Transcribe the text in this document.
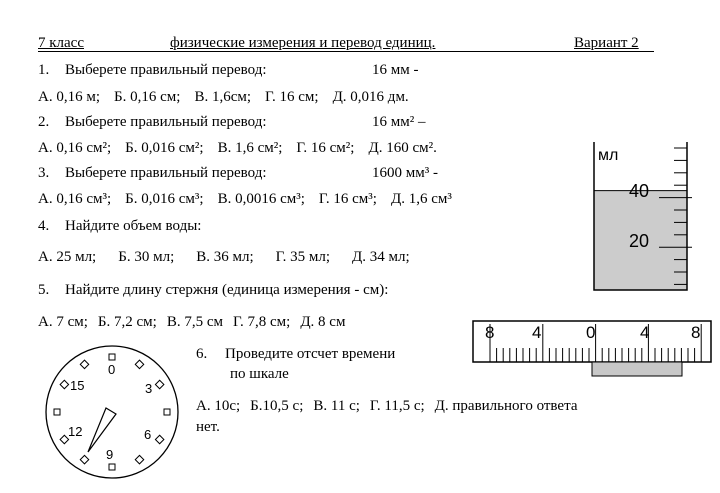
7 класс	физические измерения и перевод единиц.	Вариант 2
1. Выберете правильный перевод:	16 мм -
А. 0,16 м; Б. 0,16 см; В. 1,6см; Г. 16 см; Д. 0,016 дм.
2. Выберете правильный перевод:	16 мм² –
А. 0,16 см²; Б. 0,016 см²; В. 1,6 см²; Г. 16 см²; Д. 160 см².
3. Выберете правильный перевод:	1600 мм³ -
А. 0,16 см³; Б. 0,016 см³; В. 0,0016 см³; Г. 16 см³; Д. 1,6 см³
4. Найдите объем воды:
А. 25 мл; Б. 30 мл; В. 36 мл; Г. 35 мл; Д. 34 мл;
5. Найдите длину стержня (единица измерения - см):
А. 7 см; Б. 7,2 см; В. 7,5 см Г. 7,8 см; Д. 8 см
6. Проведите отсчет времени
по шкале
А. 10с; Б.10,5 с; В. 11 с; Г. 11,5 с; Д. правильного ответа
нет.
мл
40
20
8 4	0	4 8
0
3
6
9
12
15
